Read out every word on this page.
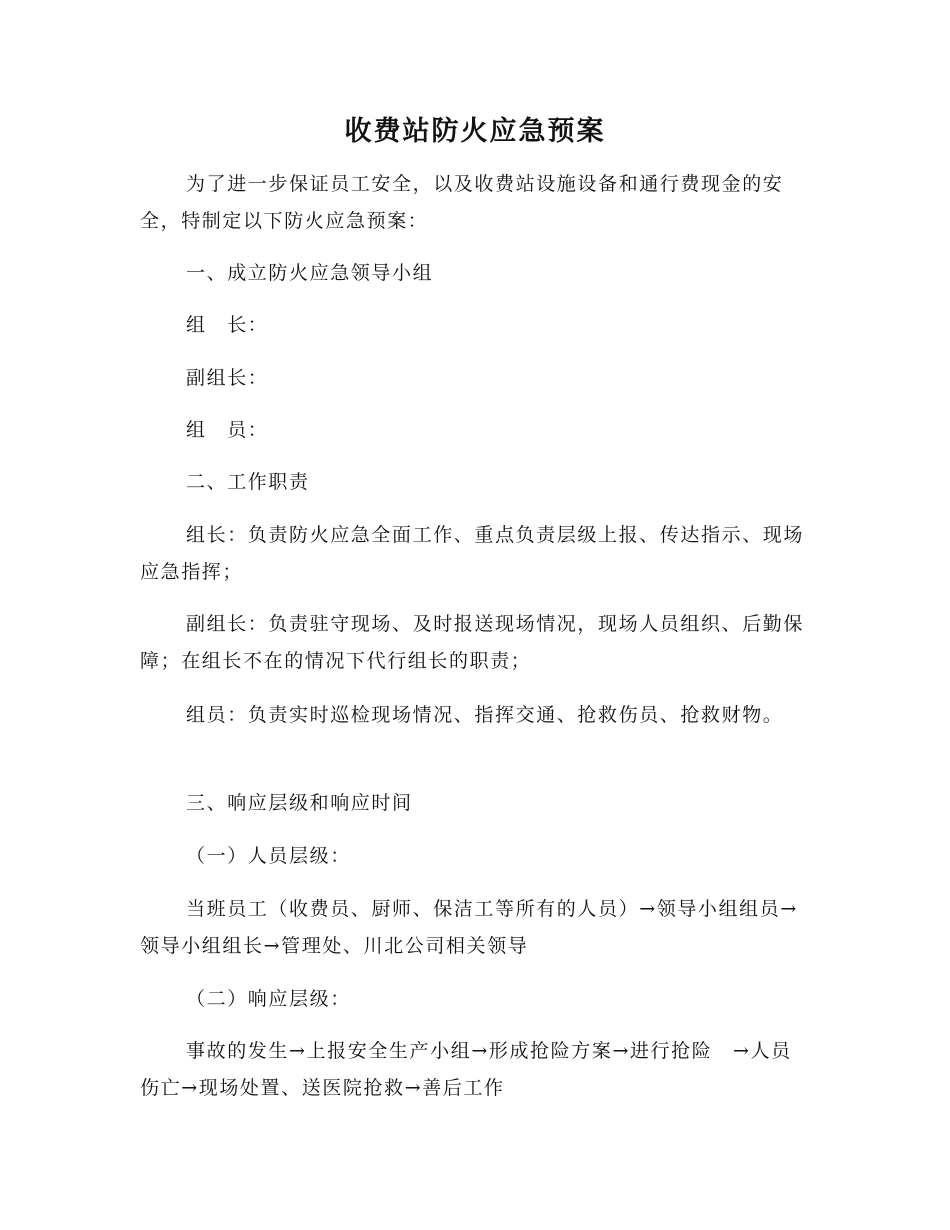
收费站防火应急预案

为了进一步保证员工安全，以及收费站设施设备和通行费现金的安全，特制定以下防火应急预案：

一、成立防火应急领导小组

组　长：

副组长：

组　员：

二、工作职责

组长：负责防火应急全面工作、重点负责层级上报、传达指示、现场应急指挥；

副组长：负责驻守现场、及时报送现场情况，现场人员组织、后勤保障；在组长不在的情况下代行组长的职责；

组员：负责实时巡检现场情况、指挥交通、抢救伤员、抢救财物。

三、响应层级和响应时间

（一）人员层级：

当班员工（收费员、厨师、保洁工等所有的人员）→领导小组组员→领导小组组长→管理处、川北公司相关领导

（二）响应层级：

事故的发生→上报安全生产小组→形成抢险方案→进行抢险　→人员伤亡→现场处置、送医院抢救→善后工作
